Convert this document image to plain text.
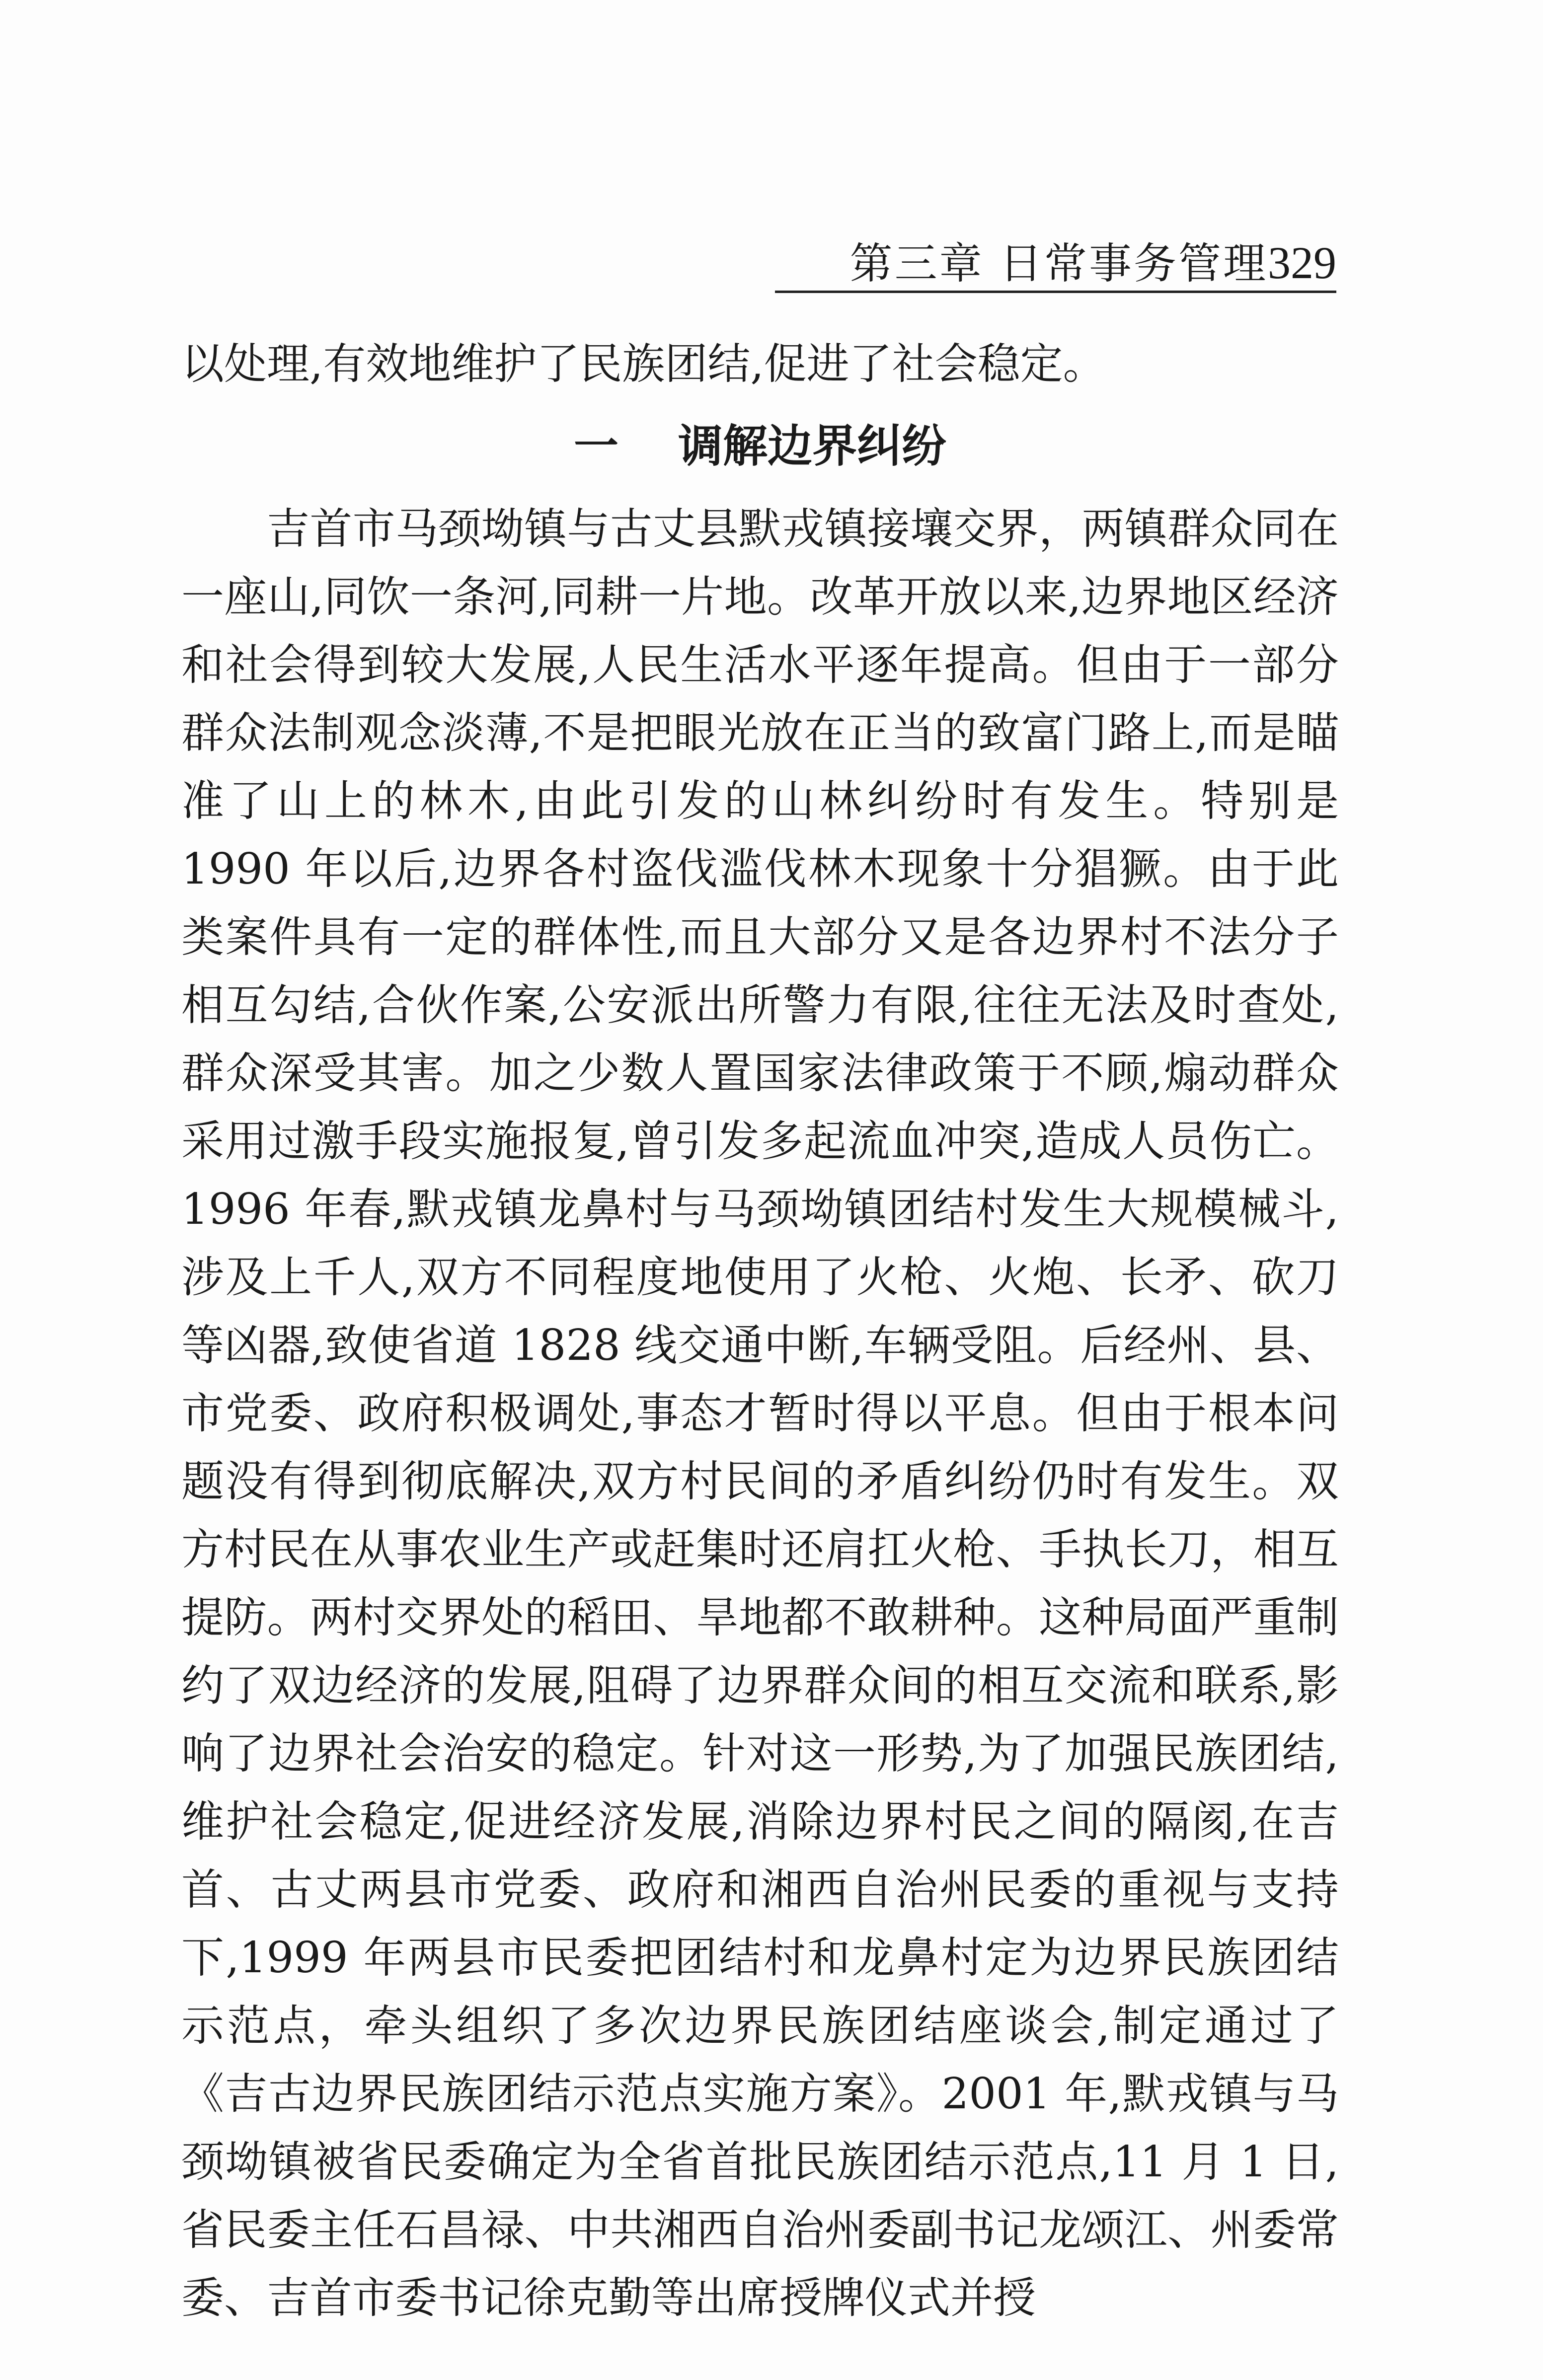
第三章 日常事务管理329

以处理,有效地维护了民族团结,促进了社会稳定。

一 调解边界纠纷

吉首市马颈坳镇与古丈县默戎镇接壤交界，两镇群众同在一座山,同饮一条河,同耕一片地。改革开放以来,边界地区经济和社会得到较大发展,人民生活水平逐年提高。但由于一部分群众法制观念淡薄,不是把眼光放在正当的致富门路上,而是瞄准了山上的林木,由此引发的山林纠纷时有发生。特别是 1990 年以后,边界各村盗伐滥伐林木现象十分猖獗。由于此类案件具有一定的群体性,而且大部分又是各边界村不法分子相互勾结,合伙作案,公安派出所警力有限,往往无法及时查处,群众深受其害。加之少数人置国家法律政策于不顾,煽动群众采用过激手段实施报复,曾引发多起流血冲突,造成人员伤亡。1996 年春,默戎镇龙鼻村与马颈坳镇团结村发生大规模械斗,涉及上千人,双方不同程度地使用了火枪、火炮、长矛、砍刀等凶器,致使省道 1828 线交通中断,车辆受阻。后经州、县、市党委、政府积极调处,事态才暂时得以平息。但由于根本问题没有得到彻底解决,双方村民间的矛盾纠纷仍时有发生。双方村民在从事农业生产或赶集时还肩扛火枪、手执长刀，相互提防。两村交界处的稻田、旱地都不敢耕种。这种局面严重制约了双边经济的发展,阻碍了边界群众间的相互交流和联系,影响了边界社会治安的稳定。针对这一形势,为了加强民族团结,维护社会稳定,促进经济发展,消除边界村民之间的隔阂,在吉首、古丈两县市党委、政府和湘西自治州民委的重视与支持下,1999 年两县市民委把团结村和龙鼻村定为边界民族团结示范点，牵头组织了多次边界民族团结座谈会,制定通过了《吉古边界民族团结示范点实施方案》。2001 年,默戎镇与马颈坳镇被省民委确定为全省首批民族团结示范点,11 月 1 日,省民委主任石昌禄、中共湘西自治州委副书记龙颂江、州委常委、吉首市委书记徐克勤等出席授牌仪式并授
